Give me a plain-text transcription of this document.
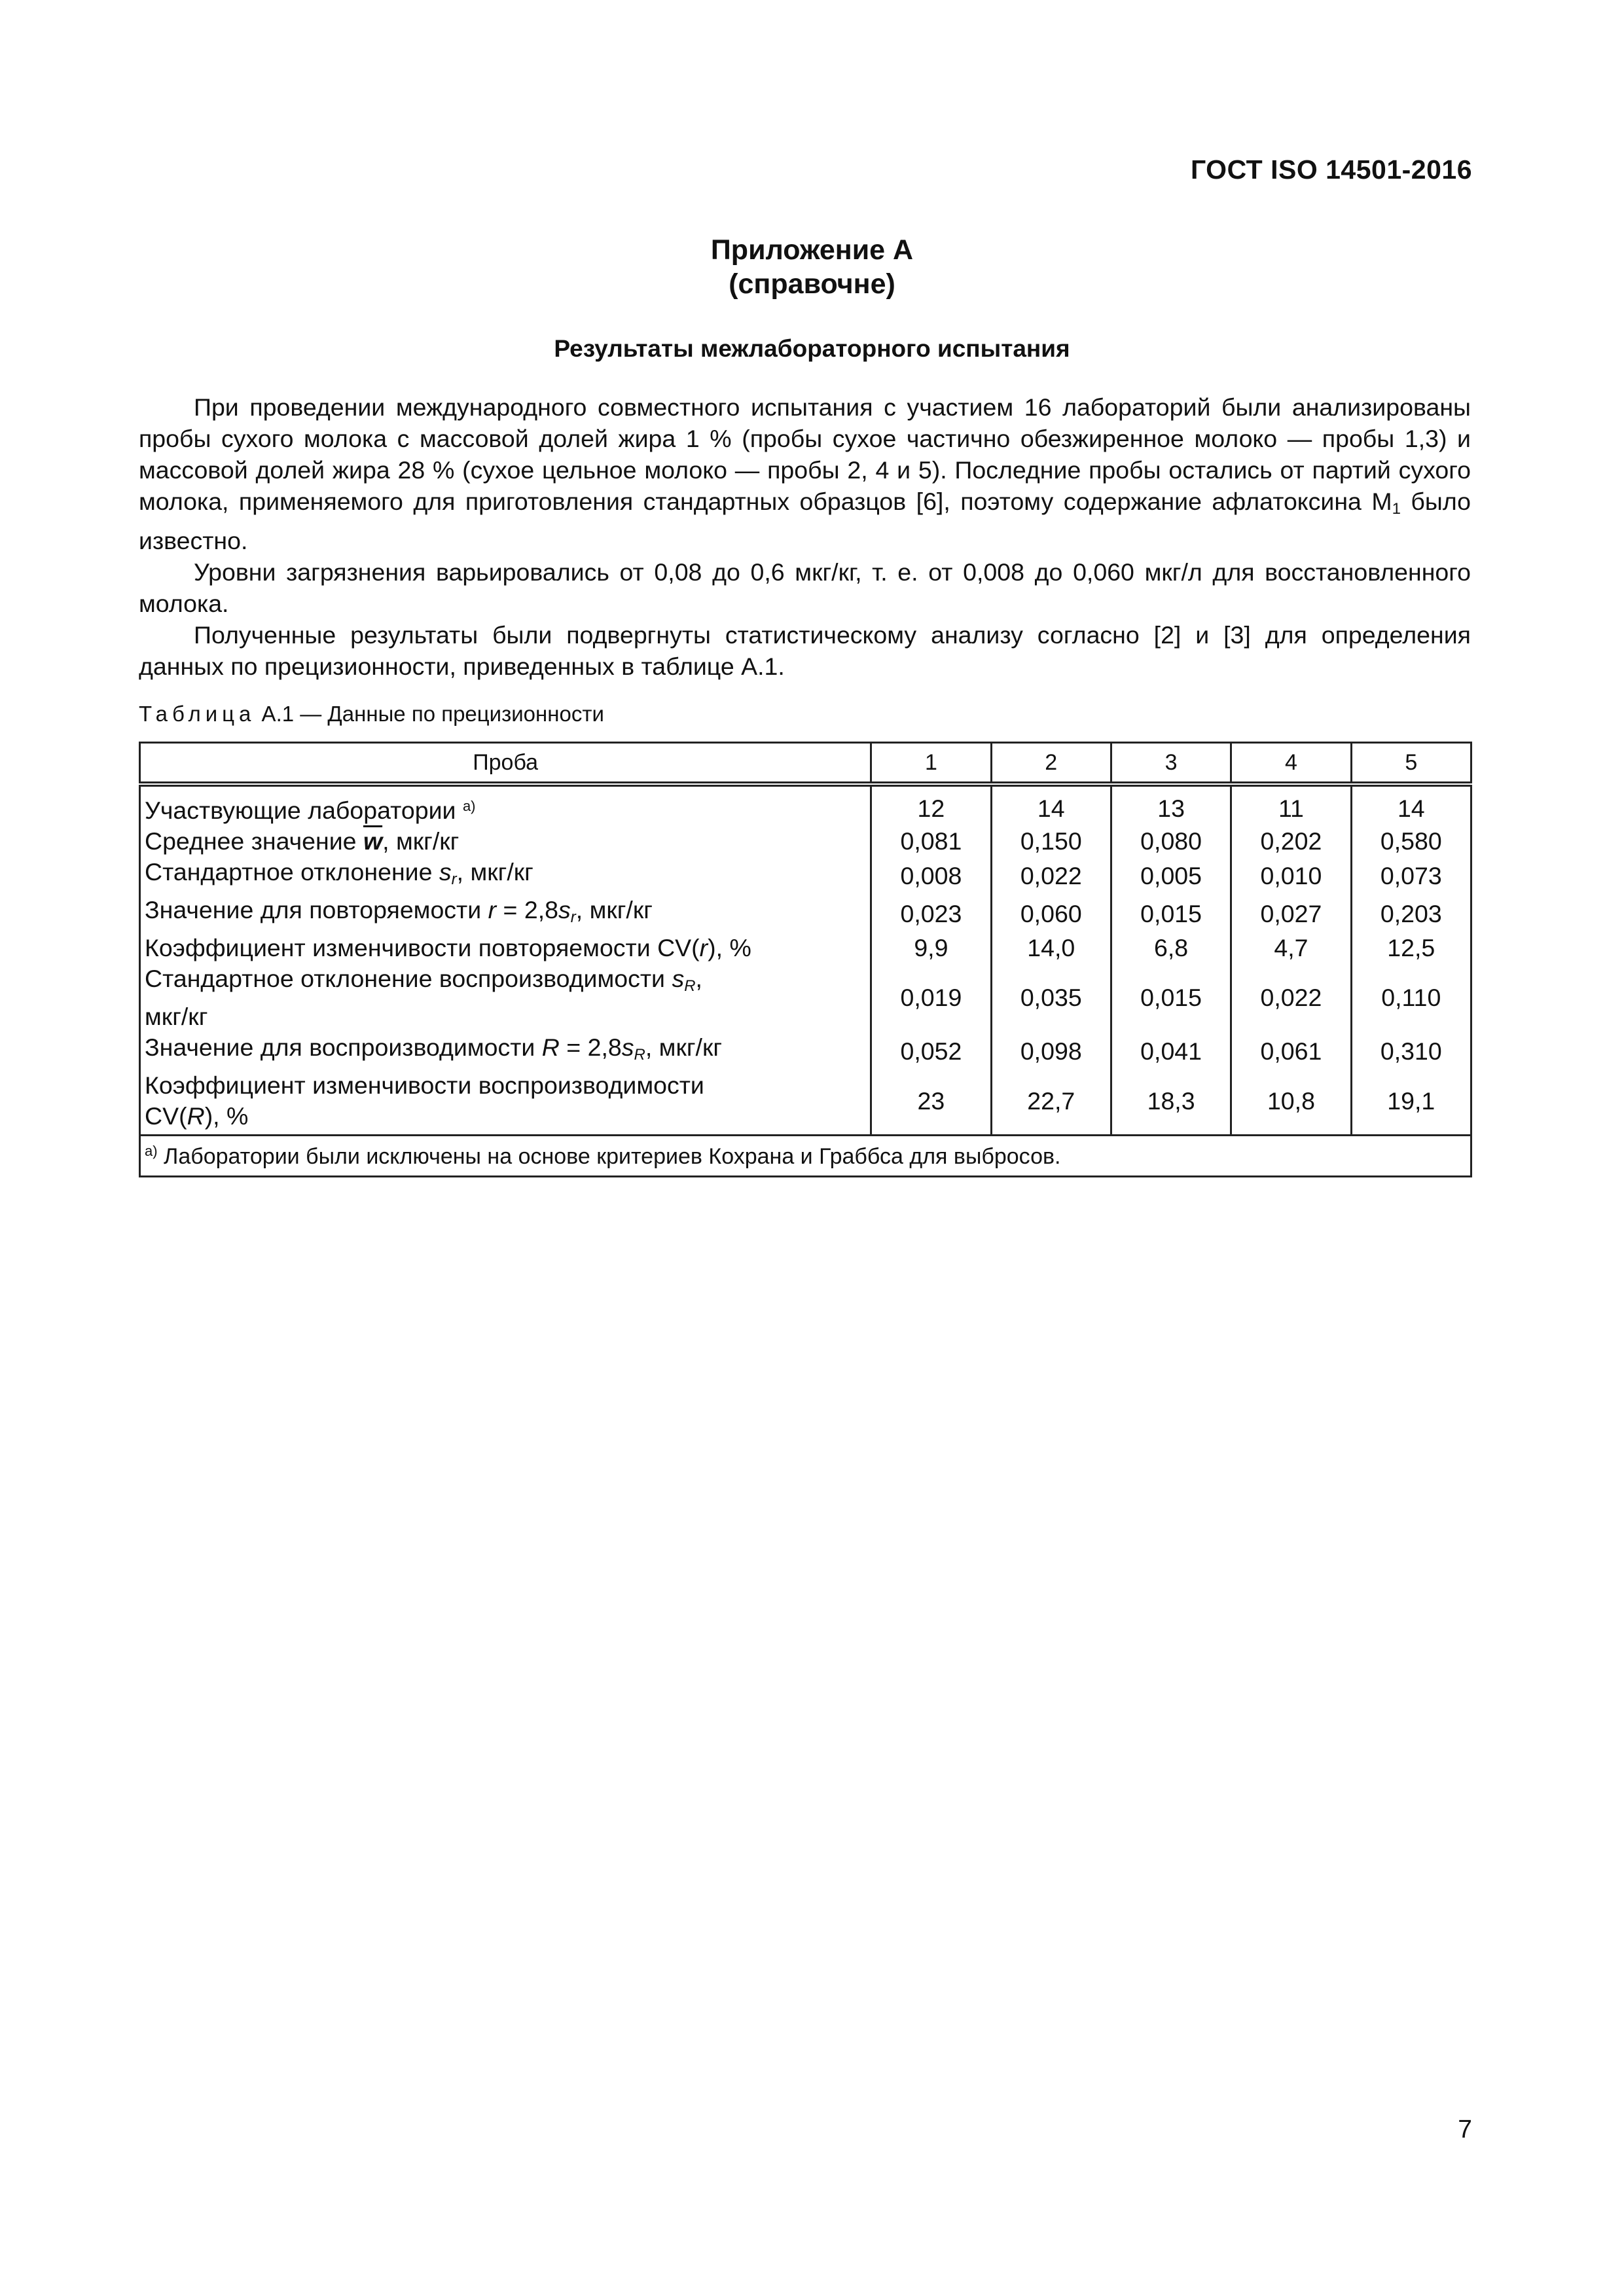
ГОСТ ISO 14501-2016
Приложение А
(справочне)
Результаты межлабораторного испытания

При проведении международного совместного испытания с участием 16 лабораторий были анализированы пробы сухого молока с массовой долей жира 1 % (пробы сухое частично обезжиренное молоко — пробы 1,3) и массовой долей жира 28 % (сухое цельное молоко — пробы 2, 4 и 5). Последние пробы остались от партий сухого молока, применяемого для приготовления стандартных образцов [6], поэтому содержание афлатоксина $М_1$ было известно.

Уровни загрязнения варьировались от 0,08 до 0,6 мкг/кг, т. е. от 0,008 до 0,060 мкг/л для восстановленного молока.

Полученные результаты были подвергнуты статистическому анализу согласно [2] и [3] для определения данных по прецизионности, приведенных в таблице А.1.

Таблица А.1 — Данные по прецизионности
Проба	1	2	3	4	5
Участвующие лаборатории $^{а)}$	12	14	13	11	14
Среднее значение $\overline{w}$, мкг/кг	0,081	0,150	0,080	0,202	0,580
Стандартное отклонение $s_r$, мкг/кг	0,008	0,022	0,005	0,010	0,073
Значение для повторяемости $r = 2,8s_r$, мкг/кг	0,023	0,060	0,015	0,027	0,203
Коэффициент изменчивости повторяемости CV(r), %	9,9	14,0	6,8	4,7	12,5
Стандартное отклонение воспроизводимости $s_R$,
мкг/кг	0,019	0,035	0,015	0,022	0,110
Значение для воспроизводимости $R = 2,8s_R$, мкг/кг	0,052	0,098	0,041	0,061	0,310
Коэффициент изменчивости воспроизводимости
CV(R), %	23	22,7	18,3	10,8	19,1
$^{а)}$ Лаборатории были исключены на основе критериев Кохрана и Граббса для выбросов.					
7
